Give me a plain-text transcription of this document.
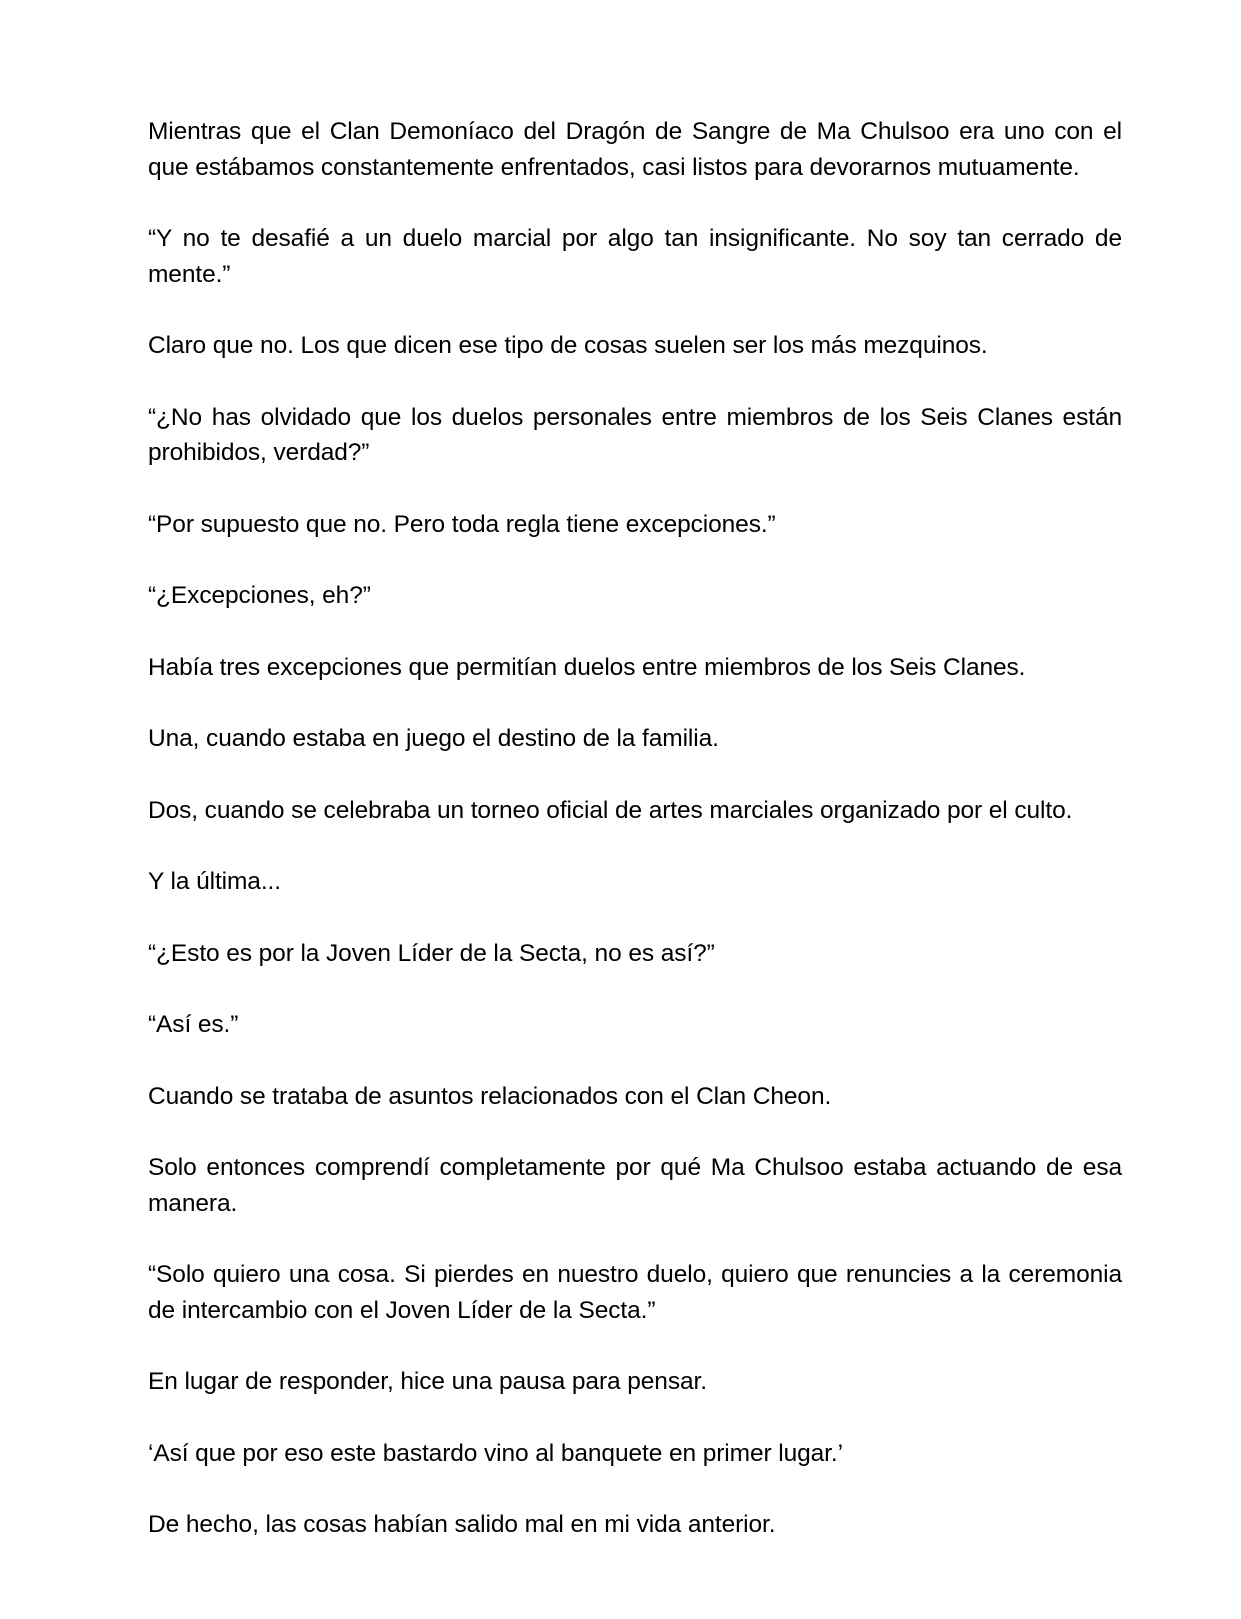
Mientras que el Clan Demoníaco del Dragón de Sangre de Ma Chulsoo era uno con el que estábamos constantemente enfrentados, casi listos para devorarnos mutuamente.

“Y no te desafié a un duelo marcial por algo tan insignificante. No soy tan cerrado de mente.”

Claro que no. Los que dicen ese tipo de cosas suelen ser los más mezquinos.

“¿No has olvidado que los duelos personales entre miembros de los Seis Clanes están prohibidos, verdad?”

“Por supuesto que no. Pero toda regla tiene excepciones.”

“¿Excepciones, eh?”

Había tres excepciones que permitían duelos entre miembros de los Seis Clanes.

Una, cuando estaba en juego el destino de la familia.

Dos, cuando se celebraba un torneo oficial de artes marciales organizado por el culto.

Y la última...

“¿Esto es por la Joven Líder de la Secta, no es así?”

“Así es.”

Cuando se trataba de asuntos relacionados con el Clan Cheon.

Solo entonces comprendí completamente por qué Ma Chulsoo estaba actuando de esa manera.

“Solo quiero una cosa. Si pierdes en nuestro duelo, quiero que renuncies a la ceremonia de intercambio con el Joven Líder de la Secta.”

En lugar de responder, hice una pausa para pensar.

‘Así que por eso este bastardo vino al banquete en primer lugar.’

De hecho, las cosas habían salido mal en mi vida anterior.
